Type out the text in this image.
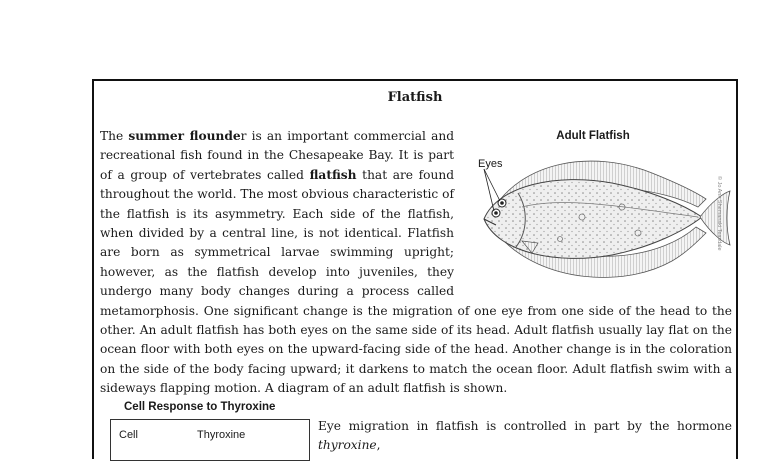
Flatfish

Adult Flatfish
Eyes
© Jo Ann Shemanski Teasdale
The summer flounder is an important commercial and recreational fish found in the Chesapeake Bay. It is part of a group of vertebrates called flatfish that are found throughout the world. The most obvious characteristic of the flatfish is its asymmetry. Each side of the flatfish, when divided by a central line, is not identical. Flatfish are born as symmetrical larvae swimming upright; however, as the flatfish develop into juveniles, they undergo many body changes during a process called metamorphosis. One significant change is the migration of one eye from one side of the head to the other. An adult flatfish has both eyes on the same side of its head. Adult flatfish usually lay flat on the ocean floor with both eyes on the upward-facing side of the head. Another change is in the coloration on the side of the body facing upward; it darkens to match the ocean floor. Adult flatfish swim with a sideways flapping motion. A diagram of an adult flatfish is shown.

Cell Response to Thyroxine
Cell	Thyroxine

Eye migration in flatfish is controlled in part by the hormone thyroxine,
